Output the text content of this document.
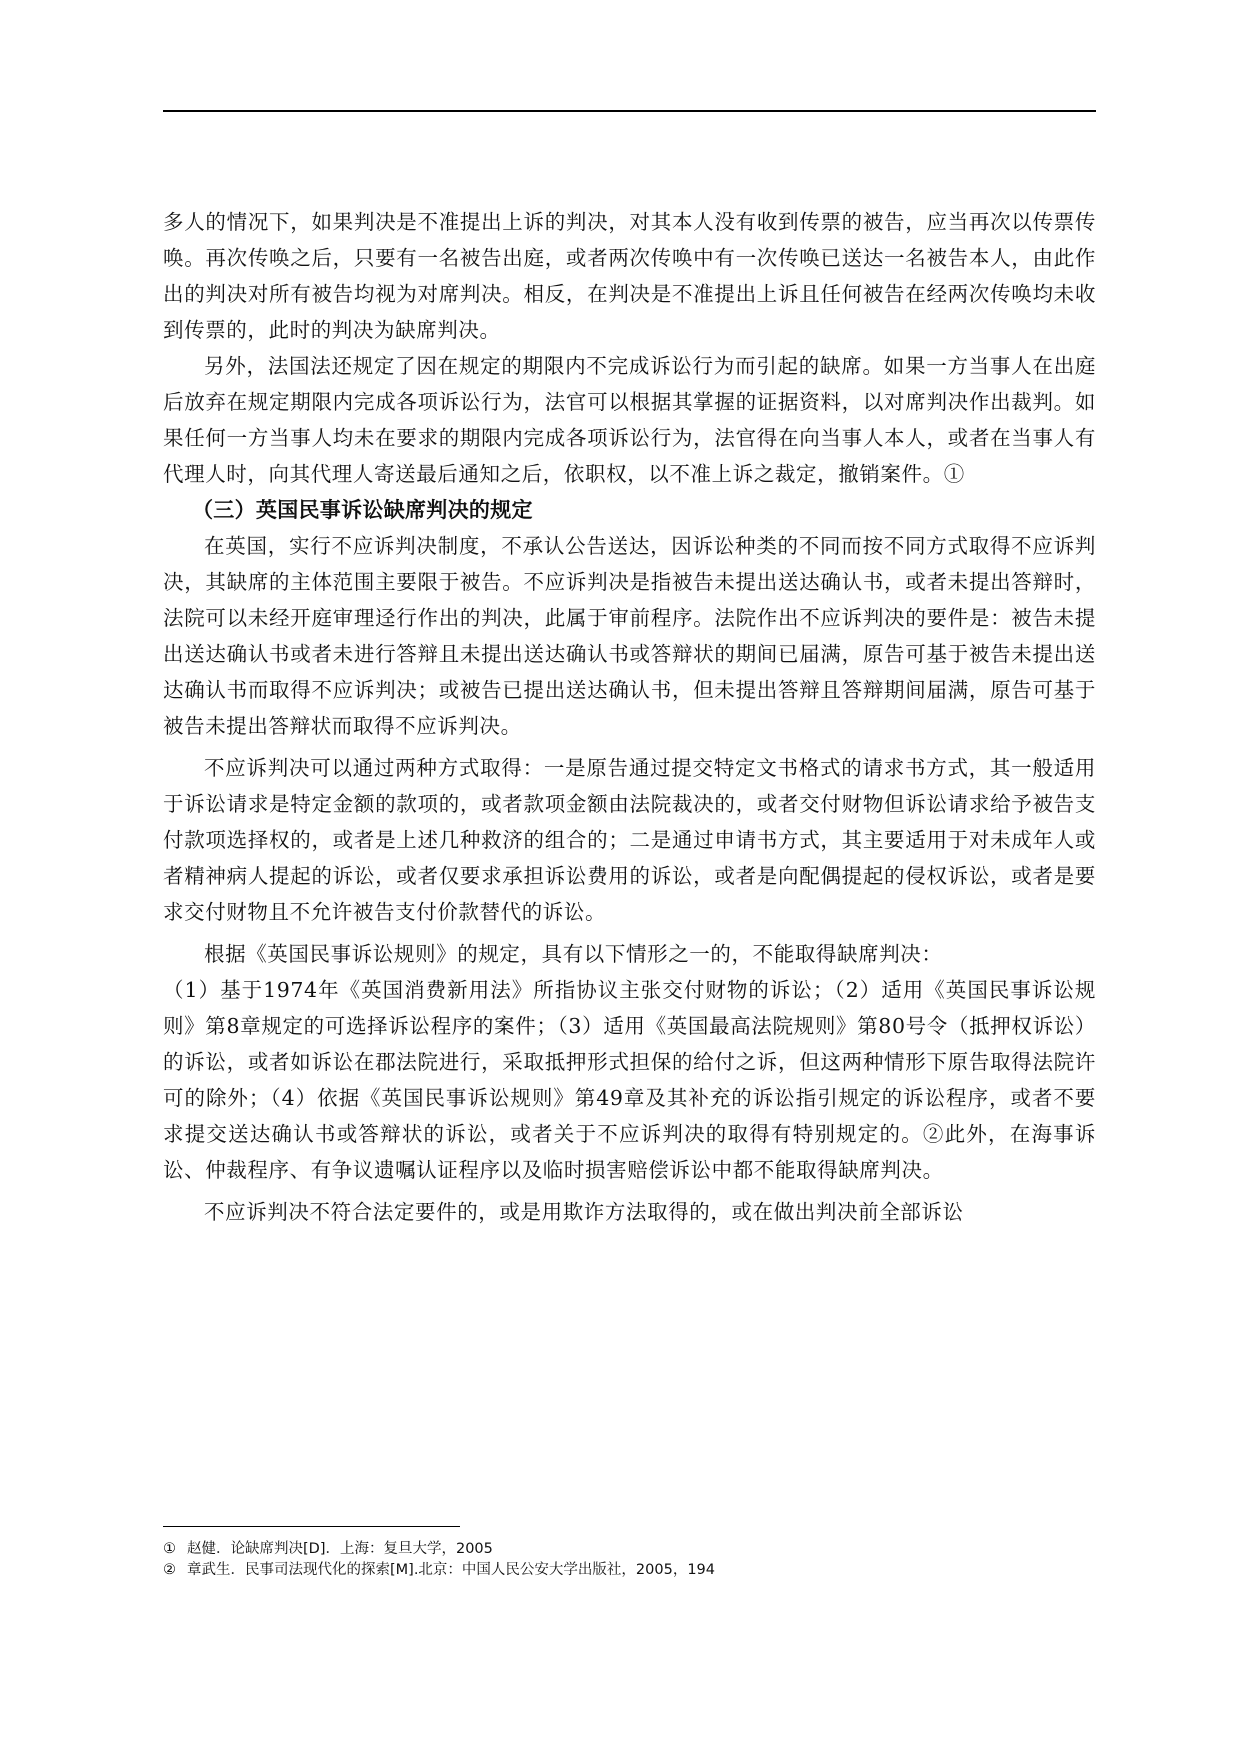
多人的情况下，如果判决是不准提出上诉的判决，对其本人没有收到传票的被告，应当再次以传票传唤。再次传唤之后，只要有一名被告出庭，或者两次传唤中有一次传唤已送达一名被告本人，由此作出的判决对所有被告均视为对席判决。相反，在判决是不准提出上诉且任何被告在经两次传唤均未收到传票的，此时的判决为缺席判决。

另外，法国法还规定了因在规定的期限内不完成诉讼行为而引起的缺席。如果一方当事人在出庭后放弃在规定期限内完成各项诉讼行为，法官可以根据其掌握的证据资料，以对席判决作出裁判。如果任何一方当事人均未在要求的期限内完成各项诉讼行为，法官得在向当事人本人，或者在当事人有代理人时，向其代理人寄送最后通知之后，依职权，以不准上诉之裁定，撤销案件。①

（三）英国民事诉讼缺席判决的规定

在英国，实行不应诉判决制度，不承认公告送达，因诉讼种类的不同而按不同方式取得不应诉判决，其缺席的主体范围主要限于被告。不应诉判决是指被告未提出送达确认书，或者未提出答辩时，法院可以未经开庭审理迳行作出的判决，此属于审前程序。法院作出不应诉判决的要件是：被告未提出送达确认书或者未进行答辩且未提出送达确认书或答辩状的期间已届满，原告可基于被告未提出送达确认书而取得不应诉判决；或被告已提出送达确认书，但未提出答辩且答辩期间届满，原告可基于被告未提出答辩状而取得不应诉判决。

不应诉判决可以通过两种方式取得：一是原告通过提交特定文书格式的请求书方式，其一般适用于诉讼请求是特定金额的款项的，或者款项金额由法院裁决的，或者交付财物但诉讼请求给予被告支付款项选择权的，或者是上述几种救济的组合的；二是通过申请书方式，其主要适用于对未成年人或者精神病人提起的诉讼，或者仅要求承担诉讼费用的诉讼，或者是向配偶提起的侵权诉讼，或者是要求交付财物且不允许被告支付价款替代的诉讼。

根据《英国民事诉讼规则》的规定，具有以下情形之一的，不能取得缺席判决：

（1）基于1974年《英国消费新用法》所指协议主张交付财物的诉讼；（2）适用《英国民事诉讼规则》第8章规定的可选择诉讼程序的案件；（3）适用《英国最高法院规则》第80号令（抵押权诉讼）的诉讼，或者如诉讼在郡法院进行，采取抵押形式担保的给付之诉，但这两种情形下原告取得法院许可的除外；（4）依据《英国民事诉讼规则》第49章及其补充的诉讼指引规定的诉讼程序，或者不要求提交送达确认书或答辩状的诉讼，或者关于不应诉判决的取得有特别规定的。②此外，在海事诉讼、仲裁程序、有争议遗嘱认证程序以及临时损害赔偿诉讼中都不能取得缺席判决。

不应诉判决不符合法定要件的，或是用欺诈方法取得的，或在做出判决前全部诉讼

① 赵健．论缺席判决[D]．上海：复旦大学，2005

② 章武生．民事司法现代化的探索[M].北京：中国人民公安大学出版社，2005，194
